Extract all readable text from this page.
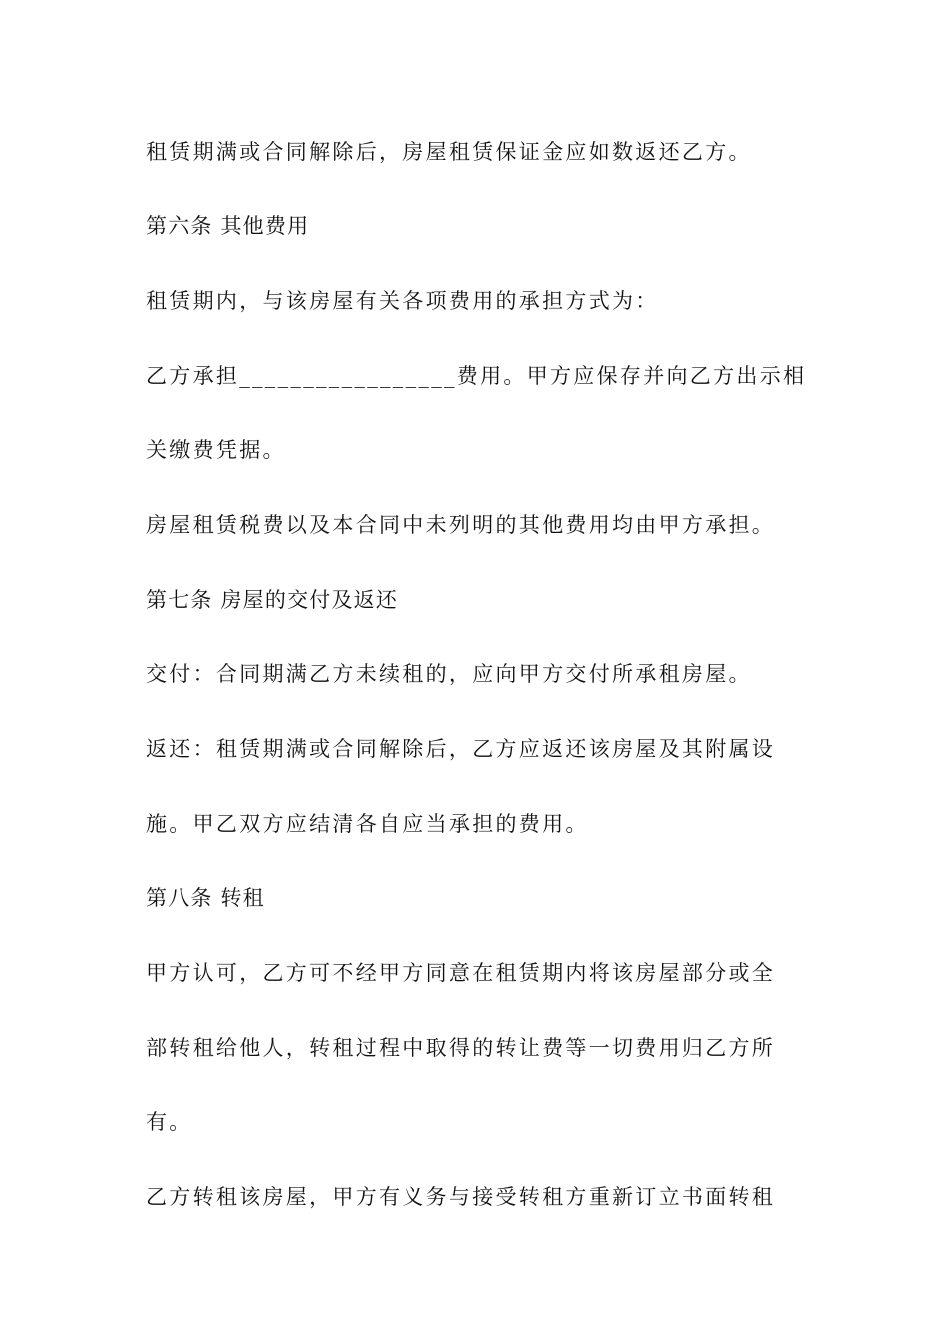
租赁期满或合同解除后，房屋租赁保证金应如数返还乙方。

第六条 其他费用

租赁期内，与该房屋有关各项费用的承担方式为：

乙方承担_________________费用。甲方应保存并向乙方出示相

关缴费凭据。

房屋租赁税费以及本合同中未列明的其他费用均由甲方承担。

第七条 房屋的交付及返还

交付：合同期满乙方未续租的，应向甲方交付所承租房屋。

返还：租赁期满或合同解除后，乙方应返还该房屋及其附属设

施。甲乙双方应结清各自应当承担的费用。

第八条 转租

甲方认可，乙方可不经甲方同意在租赁期内将该房屋部分或全

部转租给他人，转租过程中取得的转让费等一切费用归乙方所

有。

乙方转租该房屋，甲方有义务与接受转租方重新订立书面转租
